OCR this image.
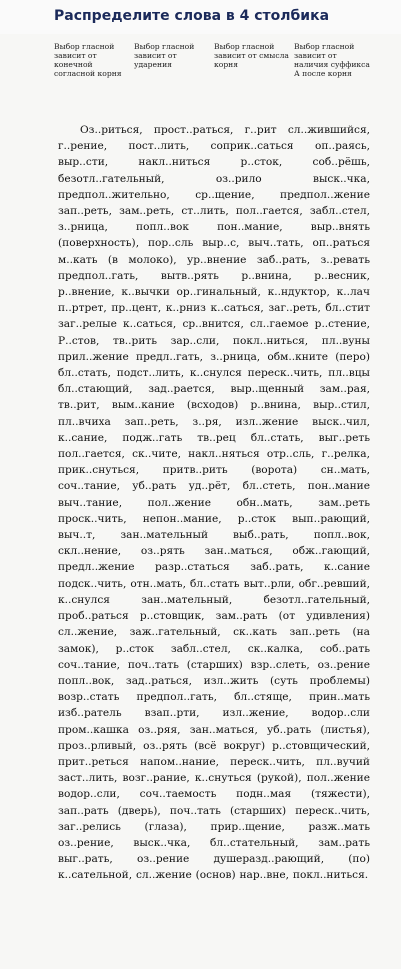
Распределите слова в 4 столбика
Выбор гласной зависит от конечной согласной корня
Выбор гласной зависит от ударения
Выбор гласной зависит от смысла корня
Выбор гласной зависит от наличия суффикса А после корня
Оз..риться, прост..раться, г..рит сл..жившийся, г..рение, пост..лить, соприк..саться оп..раясь, выр..сти, накл..ниться р..сток, соб..рёшь, безотл..гательный, оз..рило выск..чка, предпол..жительно, ср..щение, предпол..жение зап..реть, зам..реть, ст..лить, пол..гается, забл..стел, з..рница, попл..вок пон..мание, выр..внять (поверхность), пор..сль выр..с, выч..тать, оп..раться м..кать (в молоко), ур..внение заб..рать, з..ревать предпол..гать, вытв..рять р..внина, р..весник, р..внение, к..вычки ор..гинальный, к..ндуктор, к..лач п..ртрет, пр..цент, к..рниз к..саться, заг..реть, бл..стит заг..релые к..саться, ср..внится, сл..гаемое р..стение, Р..стов, тв..рить зар..сли, покл..ниться, пл..вуны прил..жение предл..гать, з..рница, обм..кните (перо) бл..стать, подст..лить, к..снулся переск..чить, пл..вцы бл..стающий, зад..рается, выр..щенный зам..рая, тв..рит, вым..кание (всходов) р..внина, выр..стил, пл..вчиха зап..реть, з..ря, изл..жение выск..чил, к..сание, подж..гать тв..рец бл..стать, выг..реть пол..гается, ск..чите, накл..няться отр..сль, г..релка, прик..снуться, притв..рить (ворота) сн..мать, соч..тание, уб..рать уд..рёт, бл..стеть, пон..мание выч..тание, пол..жение обн..мать, зам..реть проск..чить, непон..мание, р..сток вып..рающий, выч..т, зан..мательный выб..рать, попл..вок, скл..нение, оз..рять зан..маться, обж..гающий, предл..жение разр..статься заб..рать, к..сание подск..чить, отн..мать, бл..стать выт..рли, обг..ревший, к..снулся зан..мательный, безотл..гательный, проб..раться р..стовщик, зам..рать (от удивления) сл..жение, заж..гательный, ск..кать зап..реть (на замок), р..сток забл..стел, ск..калка, соб..рать соч..тание, поч..тать (старших) взр..слеть, оз..рение попл..вок, зад..раться, изл..жить (суть проблемы) возр..стать предпол..гать, бл..стяще, прин..мать изб..ратель взап..рти, изл..жение, водор..сли пром..кашка оз..ряя, зан..маться, уб..рать (листья), проз..рливый, оз..рять (всё вокруг) р..стовщический, прит..реться напом..нание, переск..чить, пл..вучий заст..лить, возг..рание, к..снуться (рукой), пол..жение водор..сли, соч..таемость подн..мая (тяжести), зап..рать (дверь), поч..тать (старших) переск..чить, заг..релись (глаза), прир..щение, разж..мать оз..рение, выск..чка, бл..стательный, зам..рать выг..рать, оз..рение душеразд..рающий, (по) к..сательной, сл..жение (основ) нар..вне, покл..ниться.
